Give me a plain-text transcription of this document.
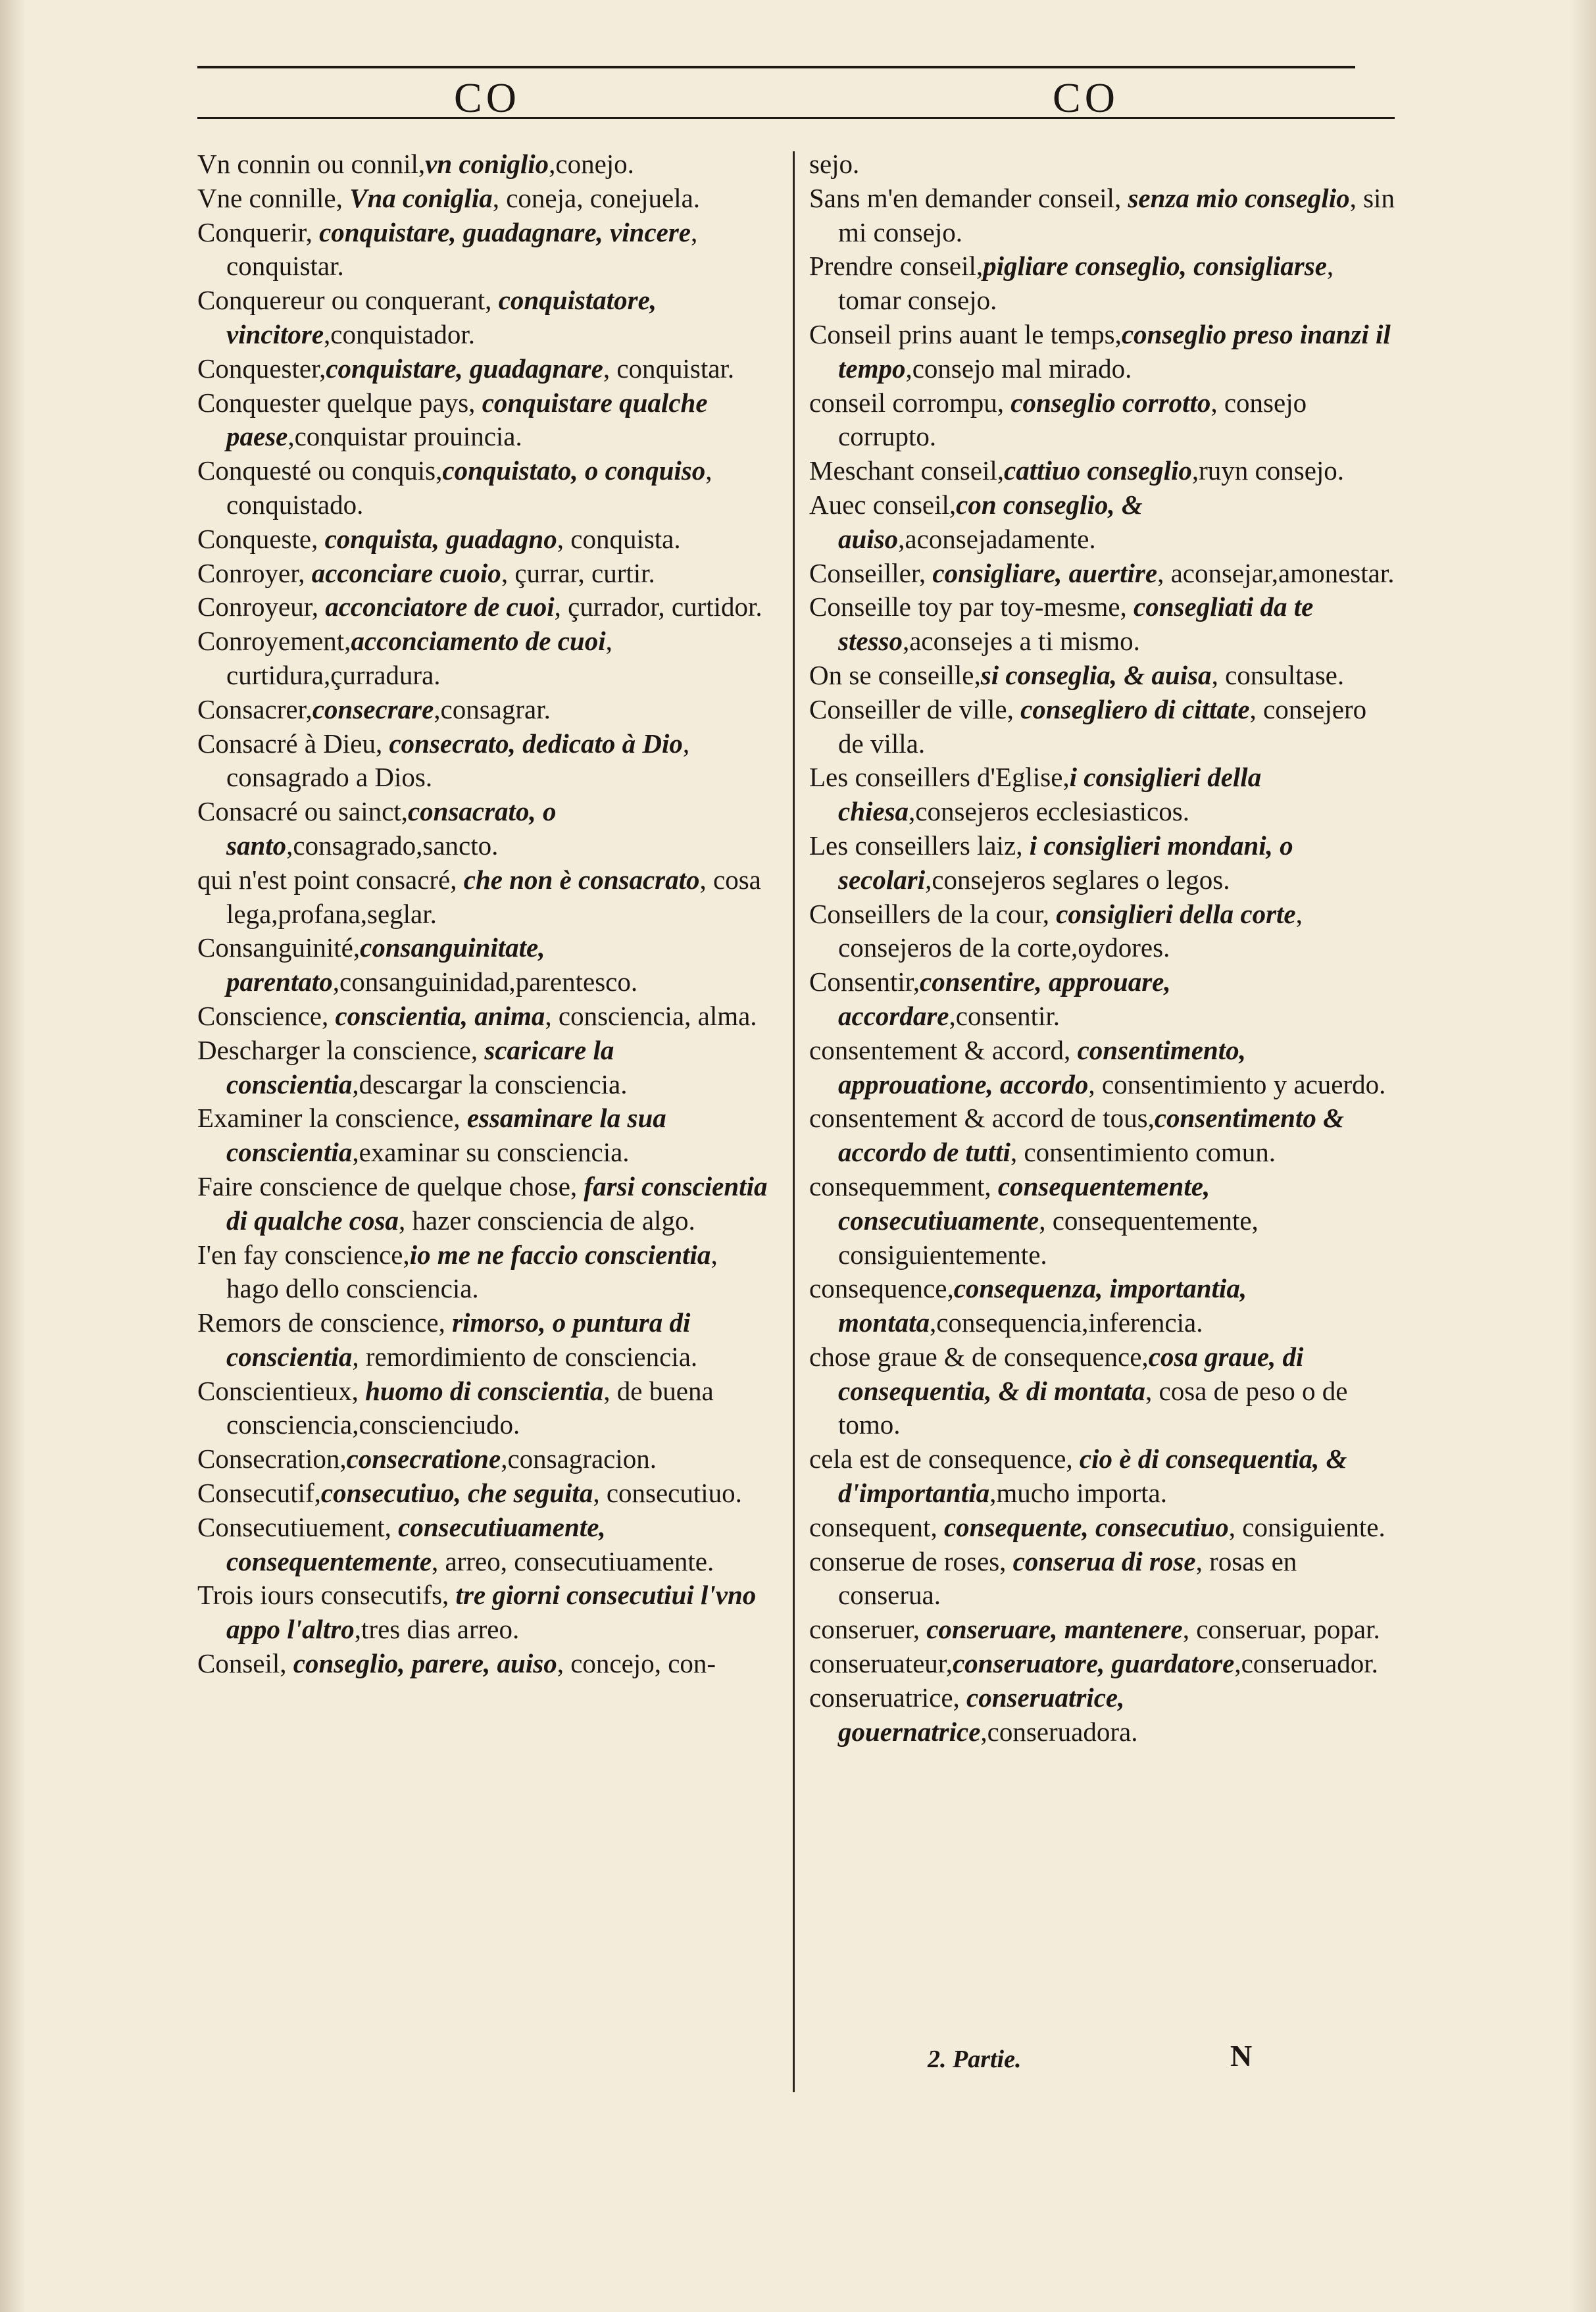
CO	CO
Vn connin ou connil,vn coniglio,conejo.
Vne connille, Vna coniglia, coneja, conejuela.
Conquerir, conquistare, guadagnare, vincere, conquistar.
Conquereur ou conquerant, conquistatore, vincitore,conquistador.
Conquester,conquistare, guadagnare, conquistar.
Conquester quelque pays, conquistare qualche paese,conquistar prouincia.
Conquesté ou conquis,conquistato, o conquiso, conquistado.
Conqueste, conquista, guadagno, conquista.
Conroyer, acconciare cuoio, çurrar, curtir.
Conroyeur, acconciatore de cuoi, çurrador, curtidor.
Conroyement,acconciamento de cuoi, curtidura,çurradura.
Consacrer,consecrare,consagrar.
Consacré à Dieu, consecrato, dedicato à Dio, consagrado a Dios.
Consacré ou sainct,consacrato, o santo,consagrado,sancto.
qui n'est point consacré, che non è consacrato, cosa lega,profana,seglar.
Consanguinité,consanguinitate, parentato,consanguinidad,parentesco.
Conscience, conscientia, anima, consciencia, alma.
Descharger la conscience, scaricare la conscientia,descargar la consciencia.
Examiner la conscience, essaminare la sua conscientia,examinar su consciencia.
Faire conscience de quelque chose, farsi conscientia di qualche cosa, hazer consciencia de algo.
I'en fay conscience,io me ne faccio conscientia, hago dello consciencia.
Remors de conscience, rimorso, o puntura di conscientia, remordimiento de consciencia.
Conscientieux, huomo di conscientia, de buena consciencia,conscienciudo.
Consecration,consecratione,consagracion.
Consecutif,consecutiuo, che seguita, consecutiuo.
Consecutiuement, consecutiuamente, consequentemente, arreo, consecutiuamente.
Trois iours consecutifs, tre giorni consecutiui l'vno appo l'altro,tres dias arreo.
Conseil, conseglio, parere, auiso, concejo, con-
sejo.
Sans m'en demander conseil, senza mio conseglio, sin mi consejo.
Prendre conseil,pigliare conseglio, consigliarse, tomar consejo.
Conseil prins auant le temps,conseglio preso inanzi il tempo,consejo mal mirado.
conseil corrompu, conseglio corrotto, consejo corrupto.
Meschant conseil,cattiuo conseglio,ruyn consejo.
Auec conseil,con conseglio, & auiso,aconsejadamente.
Conseiller, consigliare, auertire, aconsejar,amonestar.
Conseille toy par toy-mesme, consegliati da te stesso,aconsejes a ti mismo.
On se conseille,si conseglia, & auisa, consultase.
Conseiller de ville, consegliero di cittate, consejero de villa.
Les conseillers d'Eglise,i consiglieri della chiesa,consejeros ecclesiasticos.
Les conseillers laiz, i consiglieri mondani, o secolari,consejeros seglares o legos.
Conseillers de la cour, consiglieri della corte, consejeros de la corte,oydores.
Consentir,consentire, approuare, accordare,consentir.
consentement & accord, consentimento, approuatione, accordo, consentimiento y acuerdo.
consentement & accord de tous,consentimento & accordo de tutti, consentimiento comun.
consequemment, consequentemente, consecutiuamente, consequentemente, consiguientemente.
consequence,consequenza, importantia, montata,consequencia,inferencia.
chose graue & de consequence,cosa graue, di consequentia, & di montata, cosa de peso o de tomo.
cela est de consequence, cio è di consequentia, & d'importantia,mucho importa.
consequent, consequente, consecutiuo, consiguiente.
conserue de roses, conserua di rose, rosas en conserua.
conseruer, conseruare, mantenere, conseruar, popar.
conseruateur,conseruatore, guardatore,conseruador.
conseruatrice, conseruatrice, gouernatrice,conseruadora.
2. Partie.	N
